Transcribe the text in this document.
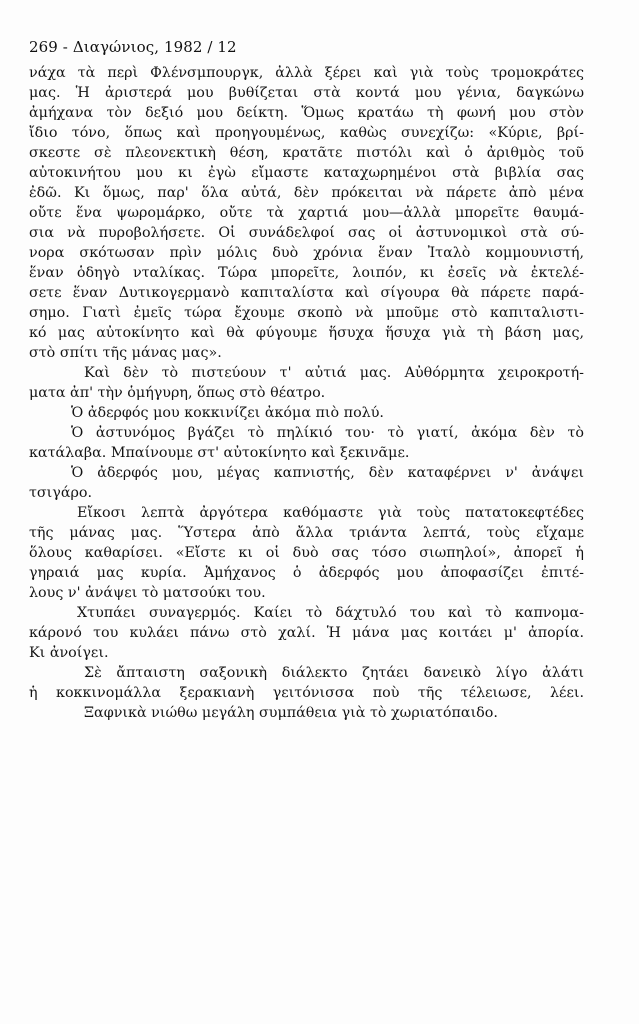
269 - Διαγώνιος, 1982 / 12
νάχα τὰ περὶ Φλένσμπουργκ, ἀλλὰ ξέρει καὶ γιὰ τοὺς τρομοκράτες
μας. Ἡ ἀριστερά μου βυθίζεται στὰ κοντά μου γένια, δαγκώνω
ἀμήχανα τὸν δεξιό μου δείκτη. Ὅμως κρατάω τὴ φωνή μου στὸν
ἴδιο τόνο, ὅπως καὶ προηγουμένως, καθὼς συνεχίζω: «Κύριε, βρί-
σκεστε σὲ πλεονεκτικὴ θέση, κρατᾶτε πιστόλι καὶ ὁ ἀριθμὸς τοῦ
αὐτοκινήτου μου κι ἐγὼ εἴμαστε καταχωρημένοι στὰ βιβλία σας
ἐδῶ. Κι ὅμως, παρ' ὅλα αὐτά, δὲν πρόκειται νὰ πάρετε ἀπὸ μένα
οὔτε ἕνα ψωρομάρκο, οὔτε τὰ χαρτιά μου—ἀλλὰ μπορεῖτε θαυμά-
σια νὰ πυροβολήσετε. Οἱ συνάδελφοί σας οἱ ἀστυνομικοὶ στὰ σύ-
νορα σκότωσαν πρὶν μόλις δυὸ χρόνια ἕναν Ἰταλὸ κομμουνιστή,
ἕναν ὁδηγὸ νταλίκας. Τώρα μπορεῖτε, λοιπόν, κι ἐσεῖς νὰ ἐκτελέ-
σετε ἕναν Δυτικογερμανὸ καπιταλίστα καὶ σίγουρα θὰ πάρετε παρά-
σημο. Γιατὶ ἐμεῖς τώρα ἔχουμε σκοπὸ νὰ μποῦμε στὸ καπιταλιστι-
κό μας αὐτοκίνητο καὶ θὰ φύγουμε ἥσυχα ἥσυχα γιὰ τὴ βάση μας,
στὸ σπίτι τῆς μάνας μας».
Καὶ δὲν τὸ πιστεύουν τ' αὐτιά μας. Αὐθόρμητα χειροκροτή-
ματα ἀπ' τὴν ὁμήγυρη, ὅπως στὸ θέατρο.
Ὁ ἀδερφός μου κοκκινίζει ἀκόμα πιὸ πολύ.
Ὁ ἀστυνόμος βγάζει τὸ πηλίκιό του· τὸ γιατί, ἀκόμα δὲν τὸ
κατάλαβα. Μπαίνουμε στ' αὐτοκίνητο καὶ ξεκινᾶμε.
Ὁ ἀδερφός μου, μέγας καπνιστής, δὲν καταφέρνει ν' ἀνάψει
τσιγάρο.
Εἴκοσι λεπτὰ ἀργότερα καθόμαστε γιὰ τοὺς πατατοκεφτέδες
τῆς μάνας μας. Ὕστερα ἀπὸ ἄλλα τριάντα λεπτά, τοὺς εἴχαμε
ὅλους καθαρίσει. «Εἴστε κι οἱ δυὸ σας τόσο σιωπηλοί», ἀπορεῖ ἡ
γηραιά μας κυρία. Ἀμήχανος ὁ ἀδερφός μου ἀποφασίζει ἐπιτέ-
λους ν' ἀνάψει τὸ ματσούκι του.
Χτυπάει συναγερμός. Καίει τὸ δάχτυλό του καὶ τὸ καπνομα-
κάρονό του κυλάει πάνω στὸ χαλί. Ἡ μάνα μας κοιτάει μ' ἀπορία.
Κι ἀνοίγει.
Σὲ ἄπταιστη σαξονικὴ διάλεκτο ζητάει δανεικὸ λίγο ἀλάτι
ἡ κοκκινομάλλα ξερακιανὴ γειτόνισσα ποὺ τῆς τέλειωσε, λέει.
Ξαφνικὰ νιώθω μεγάλη συμπάθεια γιὰ τὸ χωριατόπαιδο.
